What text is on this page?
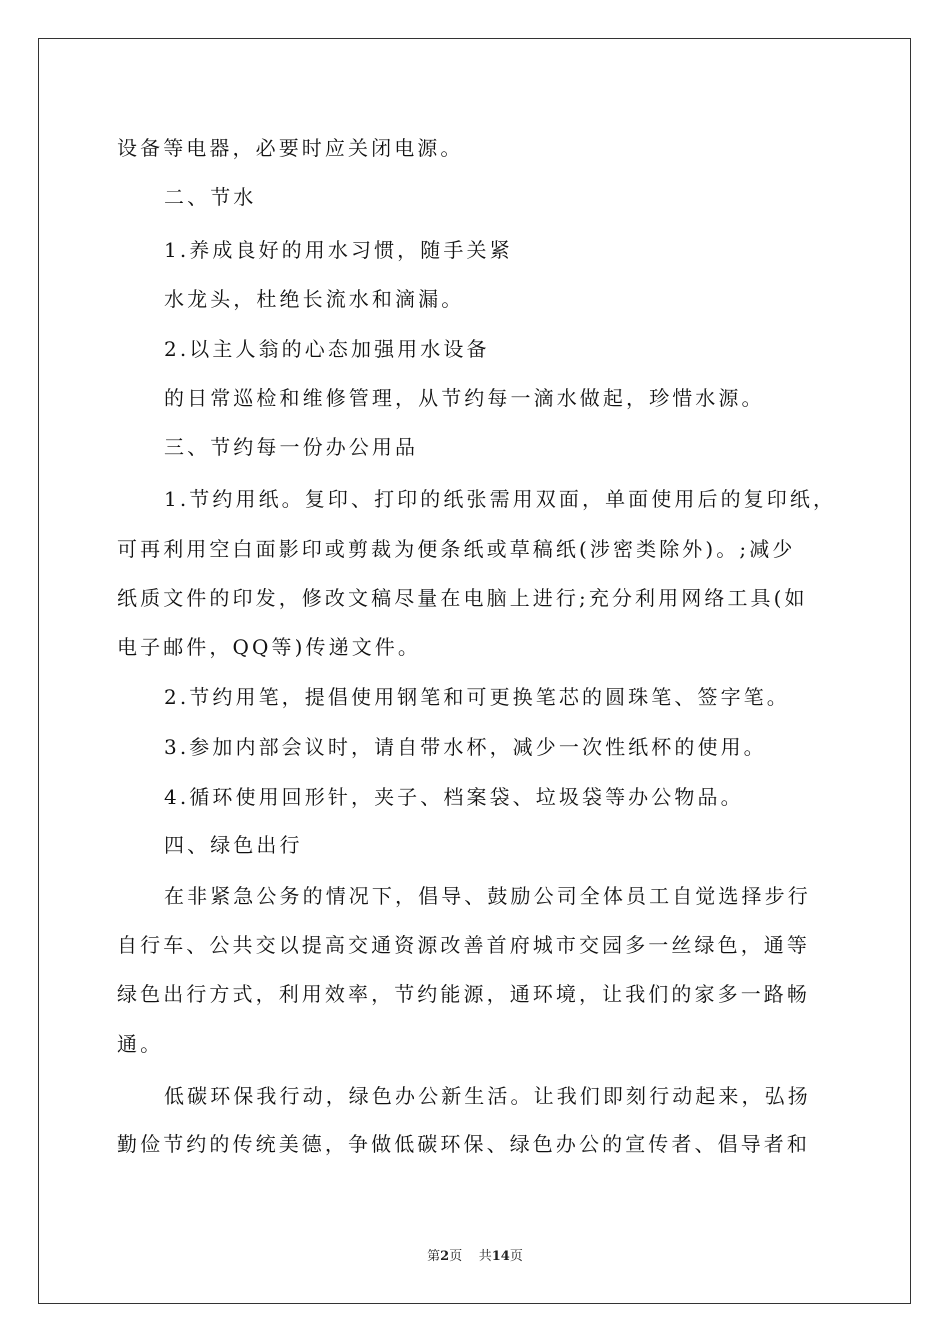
设备等电器，必要时应关闭电源。
二、节水
1.养成良好的用水习惯，随手关紧
水龙头，杜绝长流水和滴漏。
2.以主人翁的心态加强用水设备
的日常巡检和维修管理，从节约每一滴水做起，珍惜水源。
三、节约每一份办公用品
1.节约用纸。复印、打印的纸张需用双面，单面使用后的复印纸，
可再利用空白面影印或剪裁为便条纸或草稿纸(涉密类除外)。;减少
纸质文件的印发，修改文稿尽量在电脑上进行;充分利用网络工具(如
电子邮件，QQ等)传递文件。
2.节约用笔，提倡使用钢笔和可更换笔芯的圆珠笔、签字笔。
3.参加内部会议时，请自带水杯，减少一次性纸杯的使用。
4.循环使用回形针，夹子、档案袋、垃圾袋等办公物品。
四、绿色出行
在非紧急公务的情况下，倡导、鼓励公司全体员工自觉选择步行
自行车、公共交以提高交通资源改善首府城市交园多一丝绿色，通等
绿色出行方式，利用效率，节约能源，通环境，让我们的家多一路畅
通。
低碳环保我行动，绿色办公新生活。让我们即刻行动起来，弘扬
勤俭节约的传统美德，争做低碳环保、绿色办公的宣传者、倡导者和
第2页 共14页
